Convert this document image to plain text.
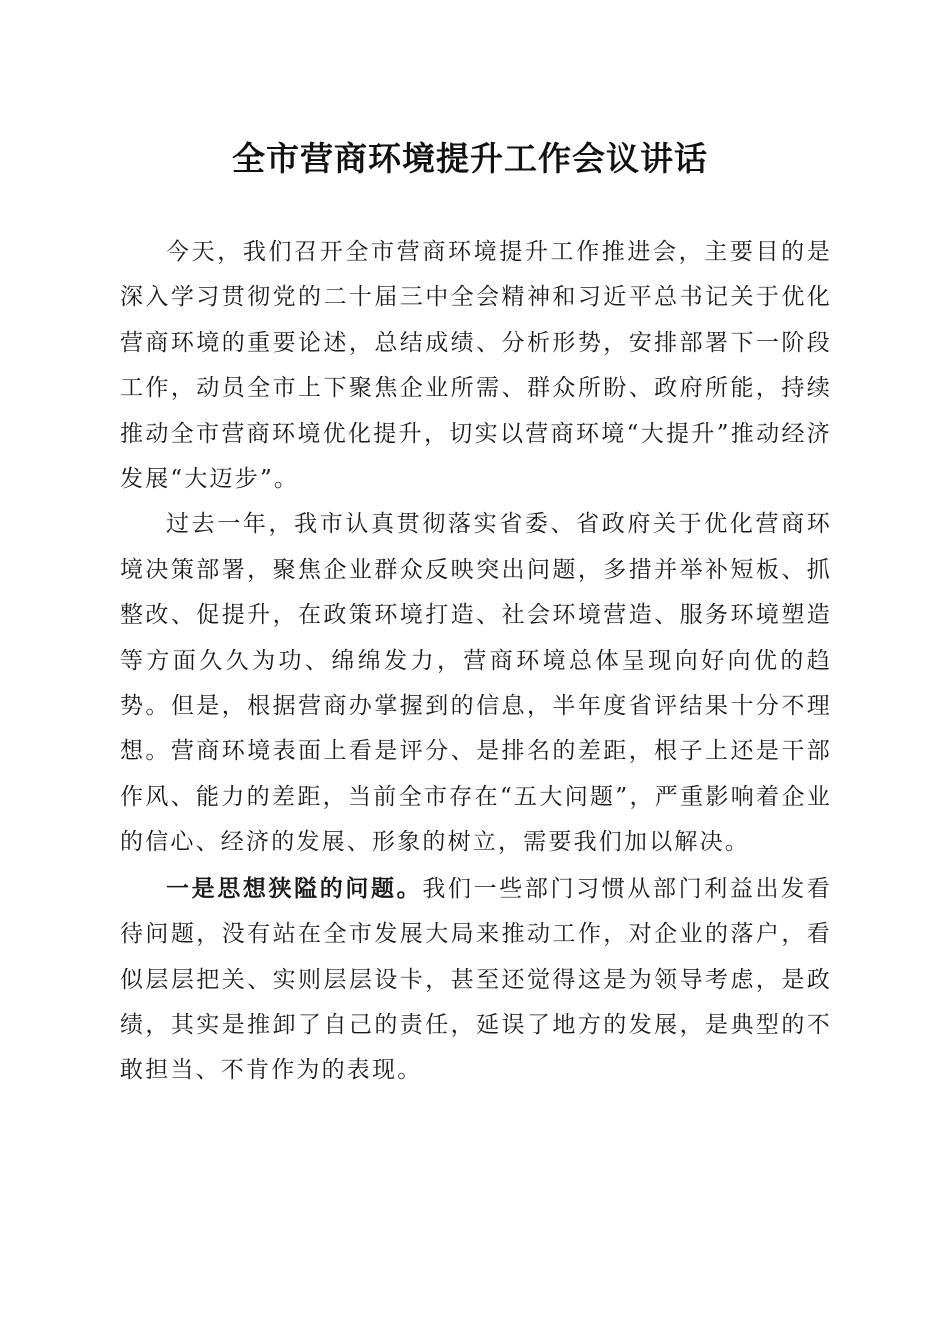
全市营商环境提升工作会议讲话

今天，我们召开全市营商环境提升工作推进会，主要目的是深入学习贯彻党的二十届三中全会精神和习近平总书记关于优化营商环境的重要论述，总结成绩、分析形势，安排部署下一阶段工作，动员全市上下聚焦企业所需、群众所盼、政府所能，持续推动全市营商环境优化提升，切实以营商环境“大提升”推动经济发展“大迈步”。

过去一年，我市认真贯彻落实省委、省政府关于优化营商环境决策部署，聚焦企业群众反映突出问题，多措并举补短板、抓整改、促提升，在政策环境打造、社会环境营造、服务环境塑造等方面久久为功、绵绵发力，营商环境总体呈现向好向优的趋势。但是，根据营商办掌握到的信息，半年度省评结果十分不理想。营商环境表面上看是评分、是排名的差距，根子上还是干部作风、能力的差距，当前全市存在“五大问题”，严重影响着企业的信心、经济的发展、形象的树立，需要我们加以解决。

一是思想狭隘的问题。我们一些部门习惯从部门利益出发看待问题，没有站在全市发展大局来推动工作，对企业的落户，看似层层把关、实则层层设卡，甚至还觉得这是为领导考虑，是政绩，其实是推卸了自己的责任，延误了地方的发展，是典型的不敢担当、不肯作为的表现。
